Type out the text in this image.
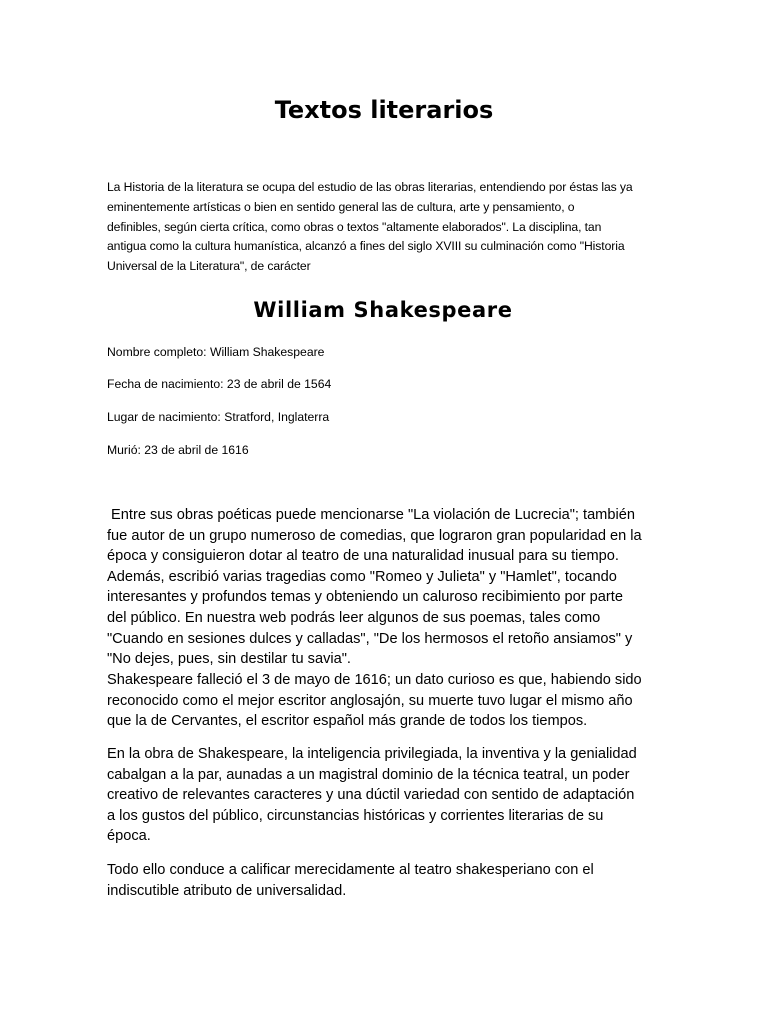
Textos literarios

La Historia de la literatura se ocupa del estudio de las obras literarias, entendiendo por éstas las ya
eminentemente artísticas o bien en sentido general las de cultura, arte y pensamiento, o
definibles, según cierta crítica, como obras o textos "altamente elaborados". La disciplina, tan
antigua como la cultura humanística, alcanzó a fines del siglo XVIII su culminación como "Historia
Universal de la Literatura", de carácter

William Shakespeare

Nombre completo: William Shakespeare

Fecha de nacimiento: 23 de abril de 1564

Lugar de nacimiento: Stratford, Inglaterra

Murió: 23 de abril de 1616

Entre sus obras poéticas puede mencionarse "La violación de Lucrecia"; también
fue autor de un grupo numeroso de comedias, que lograron gran popularidad en la
época y consiguieron dotar al teatro de una naturalidad inusual para su tiempo.
Además, escribió varias tragedias como "Romeo y Julieta" y "Hamlet", tocando
interesantes y profundos temas y obteniendo un caluroso recibimiento por parte
del público. En nuestra web podrás leer algunos de sus poemas, tales como
"Cuando en sesiones dulces y calladas", "De los hermosos el retoño ansiamos" y
"No dejes, pues, sin destilar tu savia".

Shakespeare falleció el 3 de mayo de 1616; un dato curioso es que, habiendo sido
reconocido como el mejor escritor anglosajón, su muerte tuvo lugar el mismo año
que la de Cervantes, el escritor español más grande de todos los tiempos.

En la obra de Shakespeare, la inteligencia privilegiada, la inventiva y la genialidad
cabalgan a la par, aunadas a un magistral dominio de la técnica teatral, un poder
creativo de relevantes caracteres y una dúctil variedad con sentido de adaptación
a los gustos del público, circunstancias históricas y corrientes literarias de su
época.

Todo ello conduce a calificar merecidamente al teatro shakesperiano con el
indiscutible atributo de universalidad.
